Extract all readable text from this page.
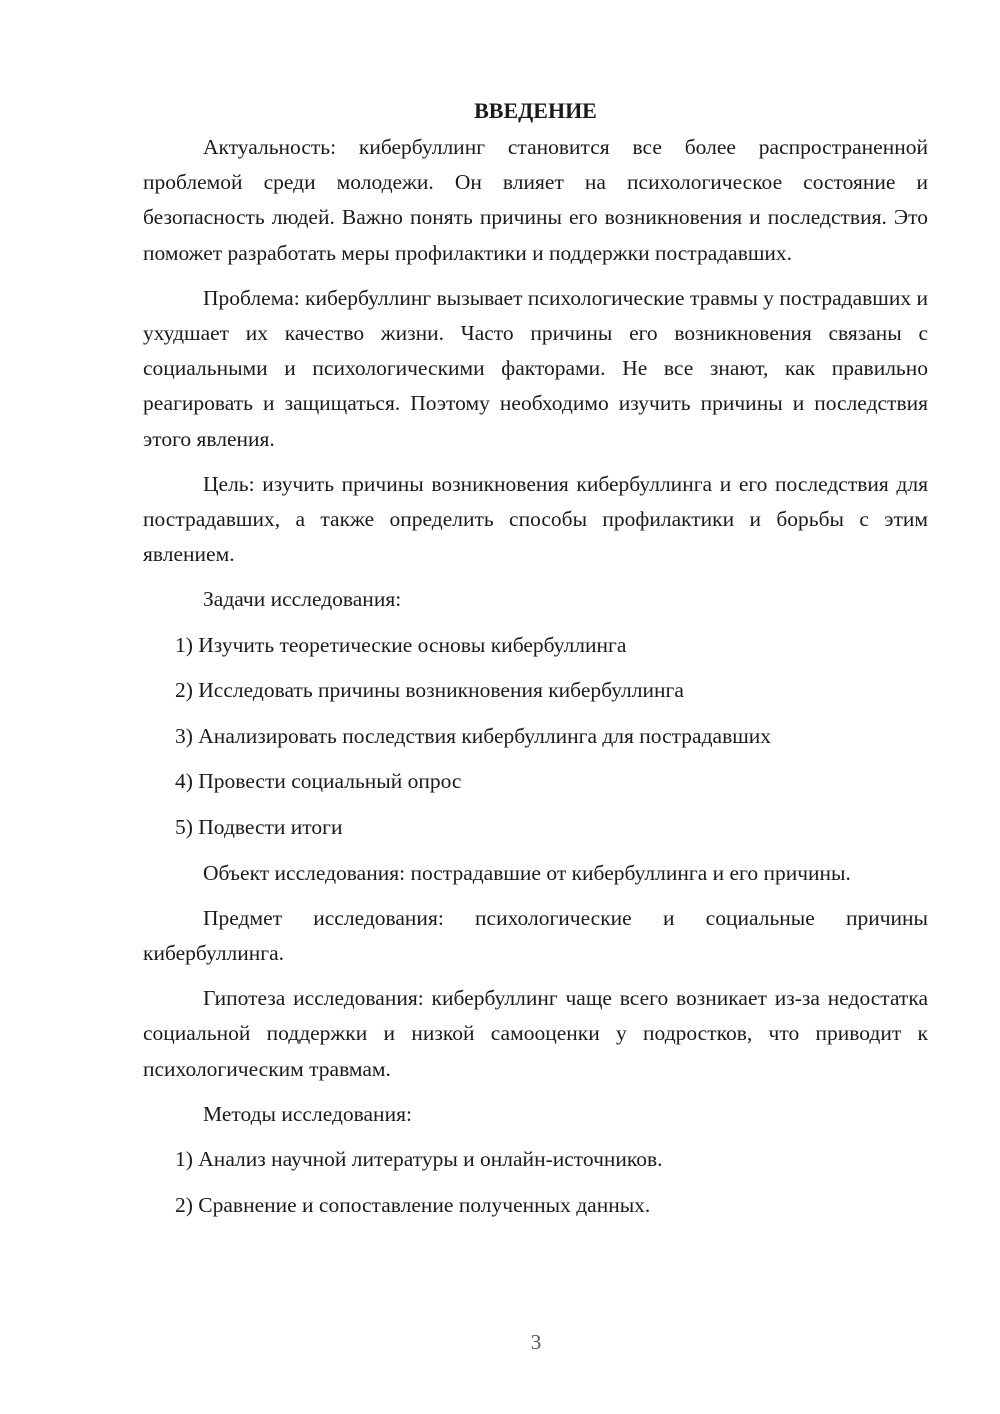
ВВЕДЕНИЕ

Актуальность: кибербуллинг становится все более распространенной проблемой среди молодежи. Он влияет на психологическое состояние и безопасность людей. Важно понять причины его возникновения и последствия. Это поможет разработать меры профилактики и поддержки пострадавших.

Проблема: кибербуллинг вызывает психологические травмы у пострадавших и ухудшает их качество жизни. Часто причины его возникновения связаны с социальными и психологическими факторами. Не все знают, как правильно реагировать и защищаться. Поэтому необходимо изучить причины и последствия этого явления.

Цель: изучить причины возникновения кибербуллинга и его последствия для пострадавших, а также определить способы профилактики и борьбы с этим явлением.

Задачи исследования:
1) Изучить теоретические основы кибербуллинга
2) Исследовать причины возникновения кибербуллинга
3) Анализировать последствия кибербуллинга для пострадавших
4) Провести социальный опрос
5) Подвести итоги

Объект исследования: пострадавшие от кибербуллинга и его причины.

Предмет исследования: психологические и социальные причины кибербуллинга.

Гипотеза исследования: кибербуллинг чаще всего возникает из-за недостатка социальной поддержки и низкой самооценки у подростков, что приводит к психологическим травмам.

Методы исследования:
1) Анализ научной литературы и онлайн-источников.
2) Сравнение и сопоставление полученных данных.
3
